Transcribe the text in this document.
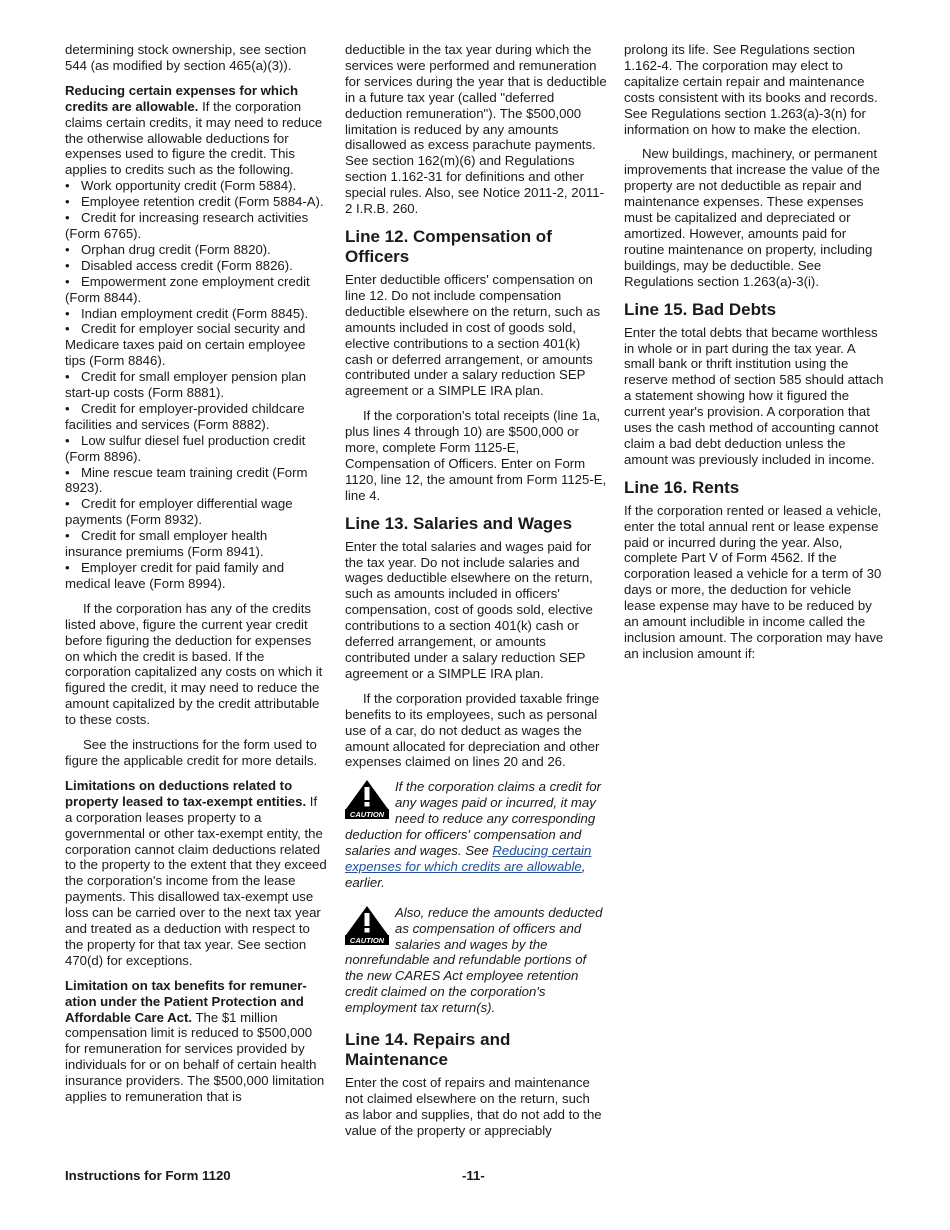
determining stock ownership, see section 544 (as modified by section 465(a)(3)).

Reducing certain expenses for which credits are allowable. If the corporation claims certain credits, it may need to reduce the otherwise allowable deductions for expenses used to figure the credit. This applies to credits such as the following.

• Work opportunity credit (Form 5884).
• Employee retention credit (Form 5884-A).
• Credit for increasing research activities (Form 6765).
• Orphan drug credit (Form 8820).
• Disabled access credit (Form 8826).
• Empowerment zone employment credit (Form 8844).
• Indian employment credit (Form 8845).
• Credit for employer social security and Medicare taxes paid on certain employee tips (Form 8846).
• Credit for small employer pension plan start-up costs (Form 8881).
• Credit for employer-provided childcare facilities and services (Form 8882).
• Low sulfur diesel fuel production credit (Form 8896).
• Mine rescue team training credit (Form 8923).
• Credit for employer differential wage payments (Form 8932).
• Credit for small employer health insurance premiums (Form 8941).
• Employer credit for paid family and medical leave (Form 8994).

If the corporation has any of the credits listed above, figure the current year credit before figuring the deduction for expenses on which the credit is based. If the corporation capitalized any costs on which it figured the credit, it may need to reduce the amount capitalized by the credit attributable to these costs.

See the instructions for the form used to figure the applicable credit for more details.

Limitations on deductions related to property leased to tax-exempt entities. If a corporation leases property to a governmental or other tax-exempt entity, the corporation cannot claim deductions related to the property to the extent that they exceed the corporation's income from the lease payments. This disallowed tax-exempt use loss can be carried over to the next tax year and treated as a deduction with respect to the property for that tax year. See section 470(d) for exceptions.

Limitation on tax benefits for remuner-ation under the Patient Protection and Affordable Care Act. The $1 million compensation limit is reduced to $500,000 for remuneration for services provided by individuals for or on behalf of certain health insurance providers. The $500,000 limitation applies to remuneration that is

deductible in the tax year during which the services were performed and remuneration for services during the year that is deductible in a future tax year (called "deferred deduction remuneration"). The $500,000 limitation is reduced by any amounts disallowed as excess parachute payments. See section 162(m)(6) and Regulations section 1.162-31 for definitions and other special rules. Also, see Notice 2011-2, 2011-2 I.R.B. 260.

Line 12. Compensation of Officers

Enter deductible officers' compensation on line 12. Do not include compensation deductible elsewhere on the return, such as amounts included in cost of goods sold, elective contributions to a section 401(k) cash or deferred arrangement, or amounts contributed under a salary reduction SEP agreement or a SIMPLE IRA plan.

If the corporation's total receipts (line 1a, plus lines 4 through 10) are $500,000 or more, complete Form 1125-E, Compensation of Officers. Enter on Form 1120, line 12, the amount from Form 1125-E, line 4.

Line 13. Salaries and Wages

Enter the total salaries and wages paid for the tax year. Do not include salaries and wages deductible elsewhere on the return, such as amounts included in officers' compensation, cost of goods sold, elective contributions to a section 401(k) cash or deferred arrangement, or amounts contributed under a salary reduction SEP agreement or a SIMPLE IRA plan.

If the corporation provided taxable fringe benefits to its employees, such as personal use of a car, do not deduct as wages the amount allocated for depreciation and other expenses claimed on lines 20 and 26.

CAUTION
If the corporation claims a credit for any wages paid or incurred, it may need to reduce any corresponding deduction for officers' compensation and salaries and wages. See Reducing certain expenses for which credits are allowable, earlier.
CAUTION
Also, reduce the amounts deducted as compensation of officers and salaries and wages by the nonrefundable and refundable portions of the new CARES Act employee retention credit claimed on the corporation's employment tax return(s).
Line 14. Repairs and Maintenance

Enter the cost of repairs and maintenance not claimed elsewhere on the return, such as labor and supplies, that do not add to the value of the property or appreciably

prolong its life. See Regulations section 1.162-4. The corporation may elect to capitalize certain repair and maintenance costs consistent with its books and records. See Regulations section 1.263(a)-3(n) for information on how to make the election.

New buildings, machinery, or permanent improvements that increase the value of the property are not deductible as repair and maintenance expenses. These expenses must be capitalized and depreciated or amortized. However, amounts paid for routine maintenance on property, including buildings, may be deductible. See Regulations section 1.263(a)-3(i).

Line 15. Bad Debts

Enter the total debts that became worthless in whole or in part during the tax year. A small bank or thrift institution using the reserve method of section 585 should attach a statement showing how it figured the current year's provision. A corporation that uses the cash method of accounting cannot claim a bad debt deduction unless the amount was previously included in income.

Line 16. Rents

If the corporation rented or leased a vehicle, enter the total annual rent or lease expense paid or incurred during the year. Also, complete Part V of Form 4562. If the corporation leased a vehicle for a term of 30 days or more, the deduction for vehicle lease expense may have to be reduced by an amount includible in income called the inclusion amount. The corporation may have an inclusion amount if:

Instructions for Form 1120	-11-
